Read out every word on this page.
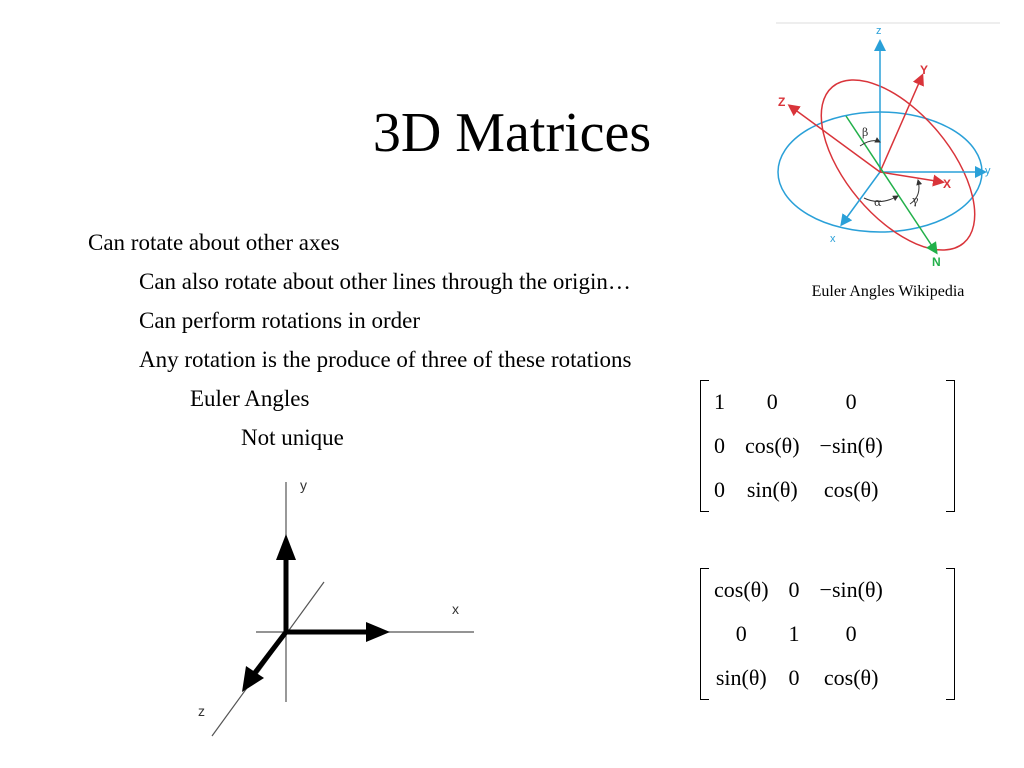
3D Matrices
Can rotate about other axes
Can also rotate about other lines through the origin…
Can perform rotations in order
Any rotation is the produce of three of these rotations
Euler Angles
Not unique
z
y
x
Y
Z
X
N
α
β
γ
Euler Angles Wikipedia
y
x
z
1	0	0
0	cos(θ)	−sin(θ)
0	sin(θ)	cos(θ)
cos(θ)	0	−sin(θ)
0	1	0
sin(θ)	0	cos(θ)
